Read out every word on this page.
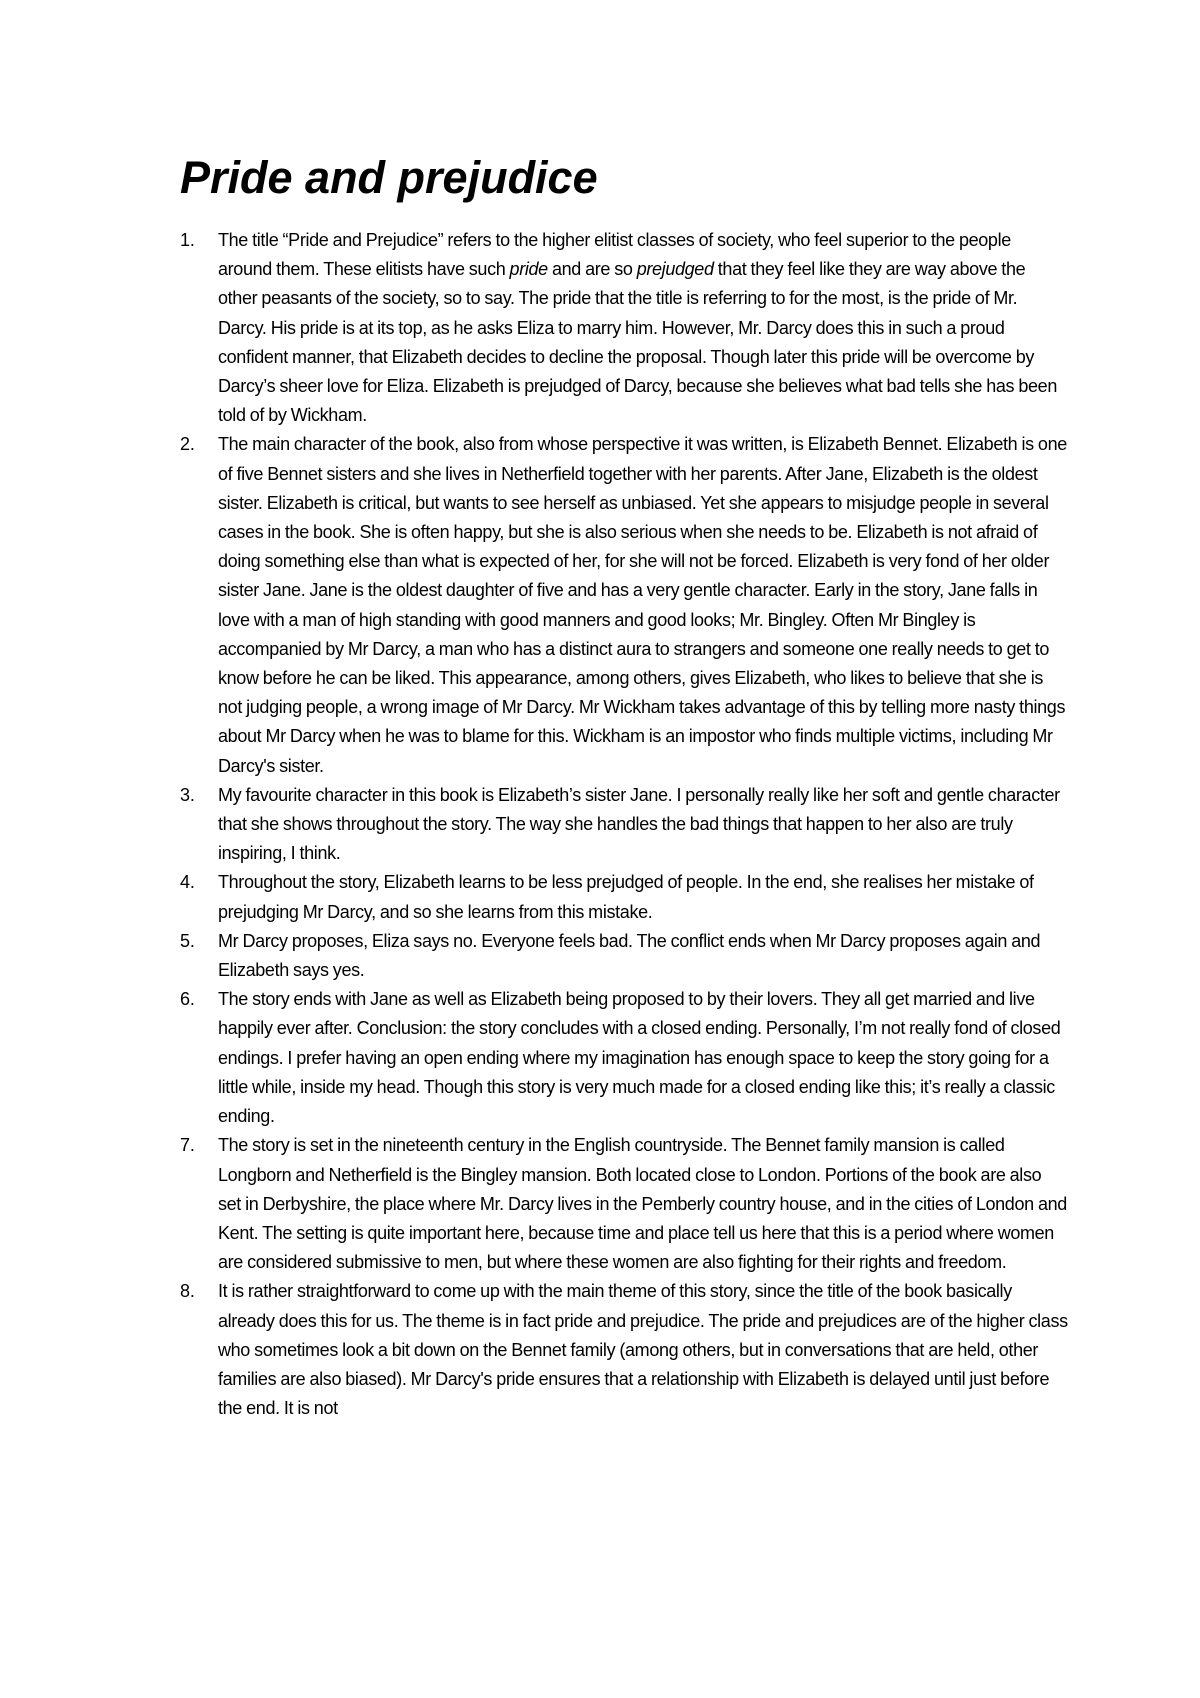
Pride and prejudice
1.	The title “Pride and Prejudice” refers to the higher elitist classes of society, who feel superior to the people around them. These elitists have such pride and are so prejudged that they feel like they are way above the other peasants of the society, so to say. The pride that the title is referring to for the most, is the pride of Mr. Darcy. His pride is at its top, as he asks Eliza to marry him. However, Mr. Darcy does this in such a proud confident manner, that Elizabeth decides to decline the proposal. Though later this pride will be overcome by Darcy’s sheer love for Eliza. Elizabeth is prejudged of Darcy, because she believes what bad tells she has been told of by Wickham.
2.	The main character of the book, also from whose perspective it was written, is Elizabeth Bennet. Elizabeth is one of five Bennet sisters and she lives in Netherfield together with her parents. After Jane, Elizabeth is the oldest sister. Elizabeth is critical, but wants to see herself as unbiased. Yet she appears to misjudge people in several cases in the book. She is often happy, but she is also serious when she needs to be. Elizabeth is not afraid of doing something else than what is expected of her, for she will not be forced. Elizabeth is very fond of her older sister Jane. Jane is the oldest daughter of five and has a very gentle character. Early in the story, Jane falls in love with a man of high standing with good manners and good looks; Mr. Bingley. Often Mr Bingley is accompanied by Mr Darcy, a man who has a distinct aura to strangers and someone one really needs to get to know before he can be liked. This appearance, among others, gives Elizabeth, who likes to believe that she is not judging people, a wrong image of Mr Darcy. Mr Wickham takes advantage of this by telling more nasty things about Mr Darcy when he was to blame for this. Wickham is an impostor who finds multiple victims, including Mr Darcy's sister.
3.	My favourite character in this book is Elizabeth’s sister Jane. I personally really like her soft and gentle character that she shows throughout the story. The way she handles the bad things that happen to her also are truly inspiring, I think.
4.	Throughout the story, Elizabeth learns to be less prejudged of people. In the end, she realises her mistake of prejudging Mr Darcy, and so she learns from this mistake.
5.	Mr Darcy proposes, Eliza says no. Everyone feels bad. The conflict ends when Mr Darcy proposes again and Elizabeth says yes.
6.	The story ends with Jane as well as Elizabeth being proposed to by their lovers. They all get married and live happily ever after. Conclusion: the story concludes with a closed ending. Personally, I’m not really fond of closed endings. I prefer having an open ending where my imagination has enough space to keep the story going for a little while, inside my head. Though this story is very much made for a closed ending like this; it’s really a classic ending.
7.	The story is set in the nineteenth century in the English countryside. The Bennet family mansion is called Longborn and Netherfield is the Bingley mansion. Both located close to London. Portions of the book are also set in Derbyshire, the place where Mr. Darcy lives in the Pemberly country house, and in the cities of London and Kent. The setting is quite important here, because time and place tell us here that this is a period where women are considered submissive to men, but where these women are also fighting for their rights and freedom.
8.	It is rather straightforward to come up with the main theme of this story, since the title of the book basically already does this for us. The theme is in fact pride and prejudice. The pride and prejudices are of the higher class who sometimes look a bit down on the Bennet family (among others, but in conversations that are held, other families are also biased). Mr Darcy's pride ensures that a relationship with Elizabeth is delayed until just before the end. It is not
